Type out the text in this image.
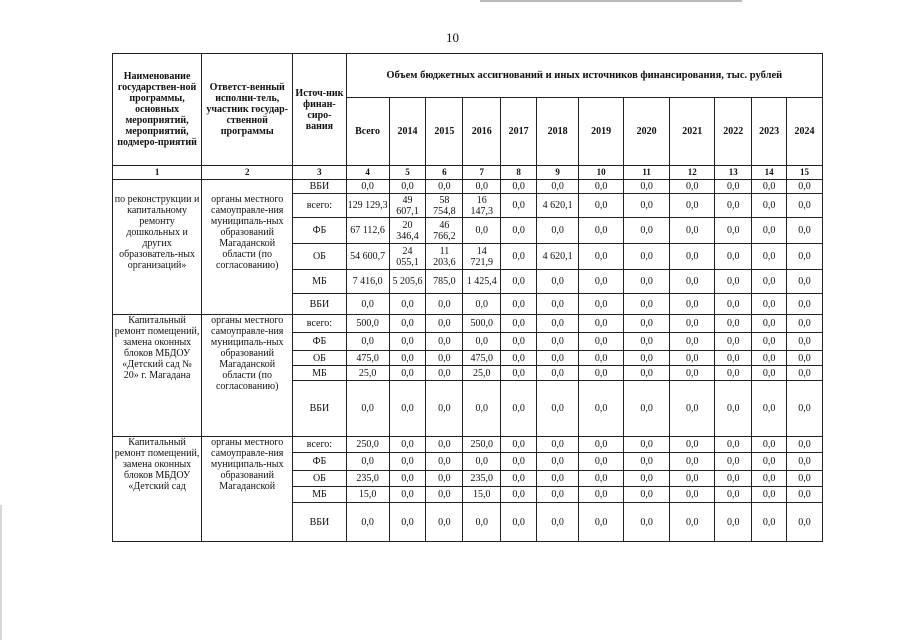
10
Наименование государствен-ной программы, основных мероприятий, мероприятий, подмеро-приятий	Ответст-венный исполни-тель, участник государ-ственной программы	Источ-ник финан-сиро-вания	Объем бюджетных ассигнований и иных источников финансирования, тыс. рублей											
			Всего	2014	2015	2016	2017	2018	2019	2020	2021	2022	2023	2024
1	2	3	4	5	6	7	8	9	10	11	12	13	14	15
		ВБИ	0,0	0,0	0,0	0,0	0,0	0,0	0,0	0,0	0,0	0,0	0,0	0,0
по реконструкции и капитальному ремонту дошкольных и других образователь-ных организаций»	органы местного самоуправле-ния муниципаль-ных образований Магаданской области (по согласованию)	всего:	129 129,3	49 607,1	58 754,8	16 147,3	0,0	4 620,1	0,0	0,0	0,0	0,0	0,0	0,0
		ФБ	67 112,6	20 346,4	46 766,2	0,0	0,0	0,0	0,0	0,0	0,0	0,0	0,0	0,0
		ОБ	54 600,7	24 055,1	11 203,6	14 721,9	0,0	4 620,1	0,0	0,0	0,0	0,0	0,0	0,0
		МБ	7 416,0	5 205,6	785,0	1 425,4	0,0	0,0	0,0	0,0	0,0	0,0	0,0	0,0
		ВБИ	0,0	0,0	0,0	0,0	0,0	0,0	0,0	0,0	0,0	0,0	0,0	0,0
Капитальный ремонт помещений, замена оконных блоков МБДОУ «Детский сад № 20» г. Магадана	органы местного самоуправле-ния муниципаль-ных образований Магаданской области (по согласованию)	всего:	500,0	0,0	0,0	500,0	0,0	0,0	0,0	0,0	0,0	0,0	0,0	0,0
		ФБ	0,0	0,0	0,0	0,0	0,0	0,0	0,0	0,0	0,0	0,0	0,0	0,0
		ОБ	475,0	0,0	0,0	475,0	0,0	0,0	0,0	0,0	0,0	0,0	0,0	0,0
		МБ	25,0	0,0	0,0	25,0	0,0	0,0	0,0	0,0	0,0	0,0	0,0	0,0
		ВБИ	0,0	0,0	0,0	0,0	0,0	0,0	0,0	0,0	0,0	0,0	0,0	0,0
Капитальный ремонт помещений, замена оконных блоков МБДОУ «Детский сад	органы местного самоуправле-ния муниципаль-ных образований Магаданской	всего:	250,0	0,0	0,0	250,0	0,0	0,0	0,0	0,0	0,0	0,0	0,0	0,0
		ФБ	0,0	0,0	0,0	0,0	0,0	0,0	0,0	0,0	0,0	0,0	0,0	0,0
		ОБ	235,0	0,0	0,0	235,0	0,0	0,0	0,0	0,0	0,0	0,0	0,0	0,0
		МБ	15,0	0,0	0,0	15,0	0,0	0,0	0,0	0,0	0,0	0,0	0,0	0,0
		ВБИ	0,0	0,0	0,0	0,0	0,0	0,0	0,0	0,0	0,0	0,0	0,0	0,0
